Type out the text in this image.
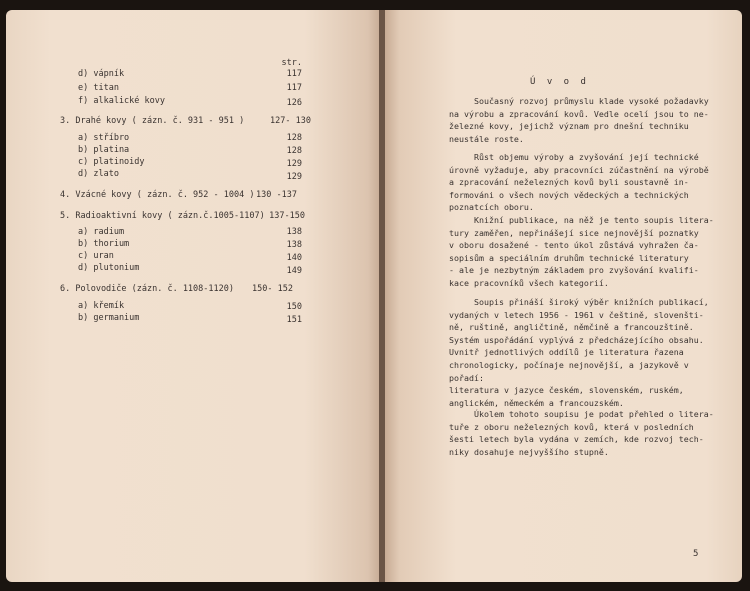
str.
d) vápník	117
e) titan	117
f) alkalické kovy	126
3. Drahé kovy ( zázn. č. 931 - 951 )	127- 130
a) stříbro	128
b) platina	128
c) platinoidy	129
d) zlato	129
4. Vzácné kovy ( zázn. č. 952 - 1004 ) 130 -137
5. Radioaktivní kovy ( zázn.č.1005-1107) 137-150
a) radium	138
b) thorium	138
c) uran	140
d) plutonium	149
6. Polovodiče (zázn. č. 1108-1120)	150- 152
a) křemík	150
b) germanium	151
Ú v o d
Současný rozvoj průmyslu klade vysoké požadavky
na výrobu a zpracování kovů. Vedle ocelí jsou to ne-
železné kovy, jejichž význam pro dnešní techniku
neustále roste.
Růst objemu výroby a zvyšování její technické
úrovně vyžaduje, aby pracovníci zúčastnění na výrobě
a zpracování neželezných kovů byli soustavně in-
formováni o všech nových vědeckých a technických
poznatcích oboru.
Knižní publikace, na něž je tento soupis litera-
tury zaměřen, nepřinášejí sice nejnovější poznatky
v oboru dosažené - tento úkol zůstává vyhražen ča-
sopisům a speciálním druhům technické literatury
- ale je nezbytným základem pro zvyšování kvalifi-
kace pracovníků všech kategorií.
Soupis přináší široký výběr knižních publikací,
vydaných v letech 1956 - 1961 v češtině, slovenšti-
ně, ruštině, angličtině, němčině a francouzštině.
Systém uspořádání vyplývá z předcházejícího obsahu.
Uvnitř jednotlivých oddílů je literatura řazena
chronologicky, počínaje nejnovější, a jazykově v
pořadí:
literatura v jazyce českém, slovenském, ruském,
anglickém, německém a francouzském.
Úkolem tohoto soupisu je podat přehled o litera-
tuře z oboru neželezných kovů, která v posledních
šesti letech byla vydána v zemích, kde rozvoj tech-
niky dosahuje nejvyššího stupně.
5
